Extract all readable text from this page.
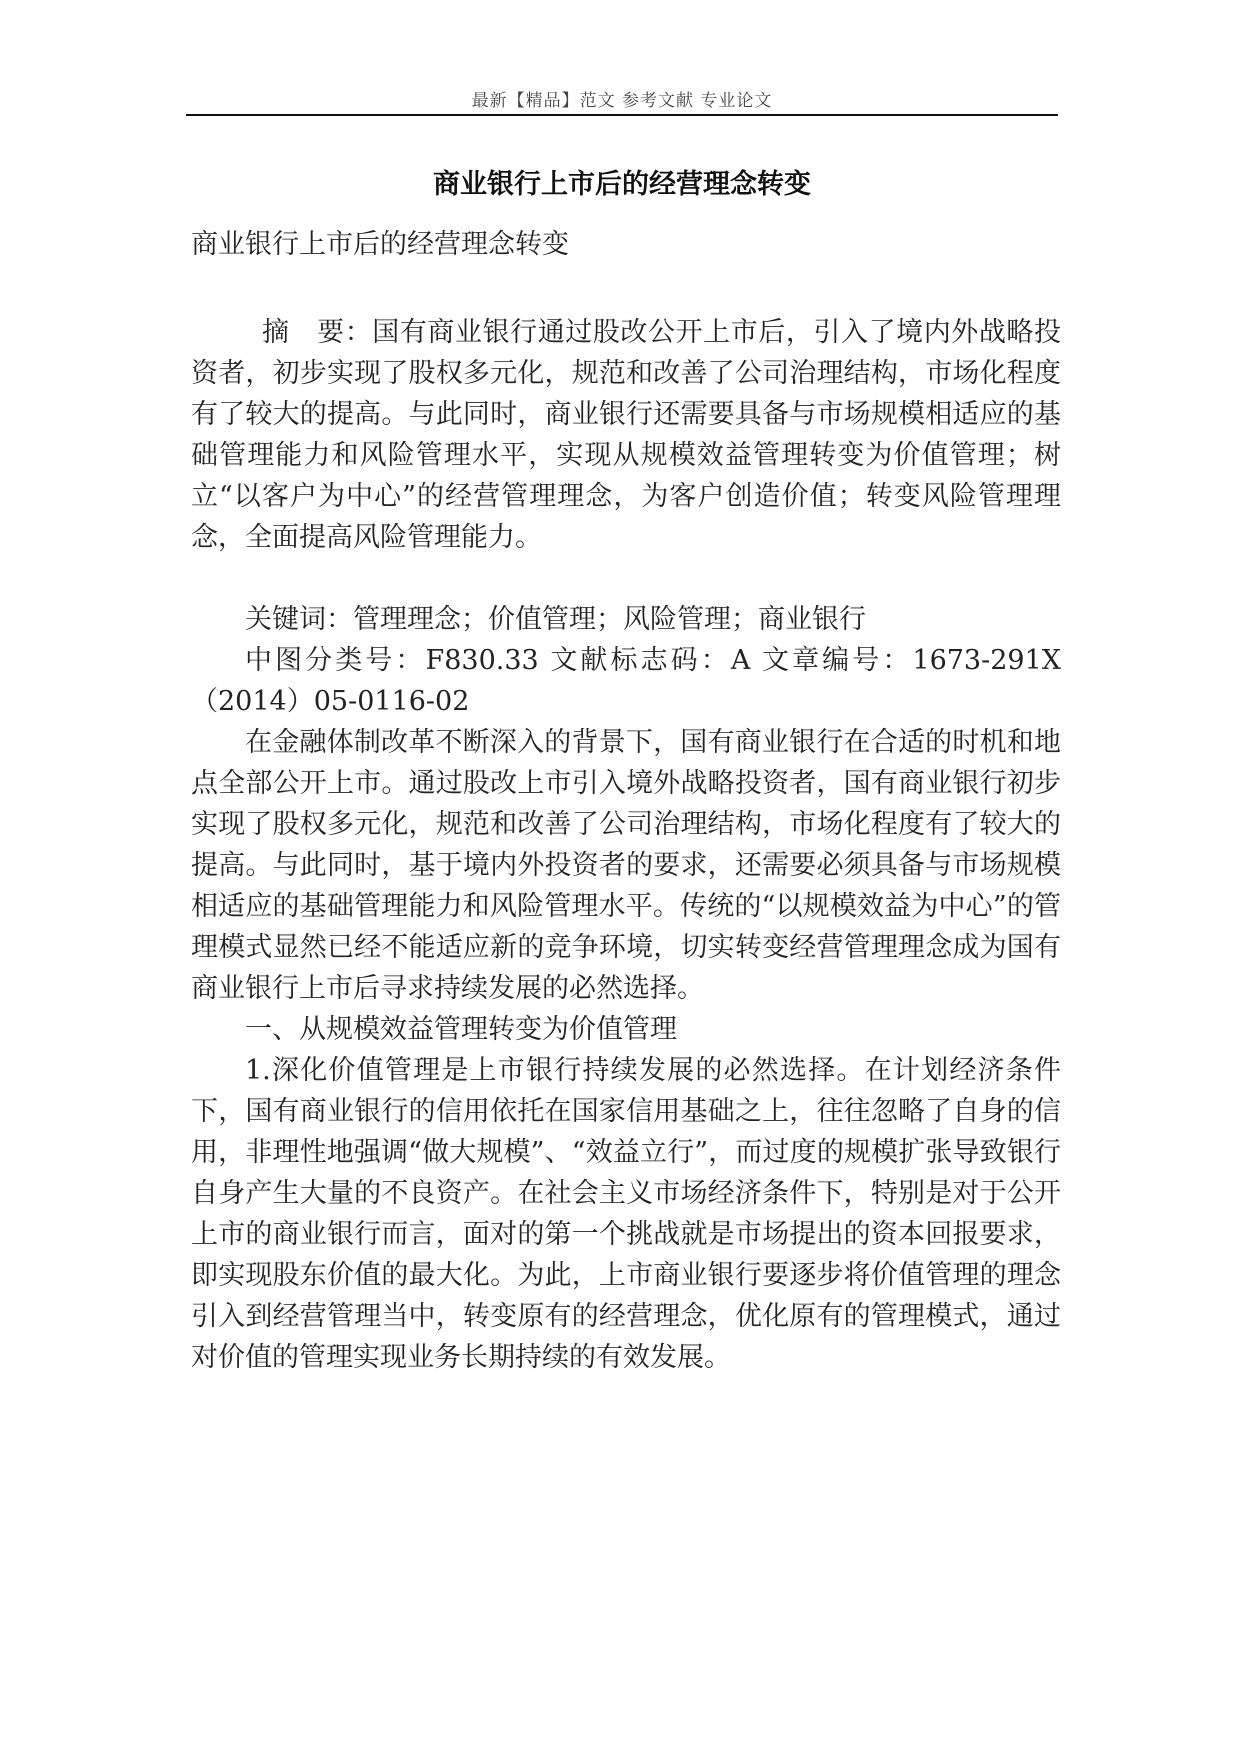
最新【精品】范文 参考文献 专业论文
商业银行上市后的经营理念转变
商业银行上市后的经营理念转变

摘　要：国有商业银行通过股改公开上市后，引入了境内外战略投资者，初步实现了股权多元化，规范和改善了公司治理结构，市场化程度有了较大的提高。与此同时，商业银行还需要具备与市场规模相适应的基础管理能力和风险管理水平，实现从规模效益管理转变为价值管理；树立“以客户为中心”的经营管理理念，为客户创造价值；转变风险管理理念，全面提高风险管理能力。

关键词：管理理念；价值管理；风险管理；商业银行

中图分类号：F830.33 文献标志码：A 文章编号：1673-291X（2014）05-0116-02

在金融体制改革不断深入的背景下，国有商业银行在合适的时机和地点全部公开上市。通过股改上市引入境外战略投资者，国有商业银行初步实现了股权多元化，规范和改善了公司治理结构，市场化程度有了较大的提高。与此同时，基于境内外投资者的要求，还需要必须具备与市场规模相适应的基础管理能力和风险管理水平。传统的“以规模效益为中心”的管理模式显然已经不能适应新的竞争环境，切实转变经营管理理念成为国有商业银行上市后寻求持续发展的必然选择。

一、从规模效益管理转变为价值管理

1.深化价值管理是上市银行持续发展的必然选择。在计划经济条件下，国有商业银行的信用依托在国家信用基础之上，往往忽略了自身的信用，非理性地强调“做大规模”、“效益立行”，而过度的规模扩张导致银行自身产生大量的不良资产。在社会主义市场经济条件下，特别是对于公开上市的商业银行而言，面对的第一个挑战就是市场提出的资本回报要求，即实现股东价值的最大化。为此，上市商业银行要逐步将价值管理的理念引入到经营管理当中，转变原有的经营理念，优化原有的管理模式，通过对价值的管理实现业务长期持续的有效发展。
